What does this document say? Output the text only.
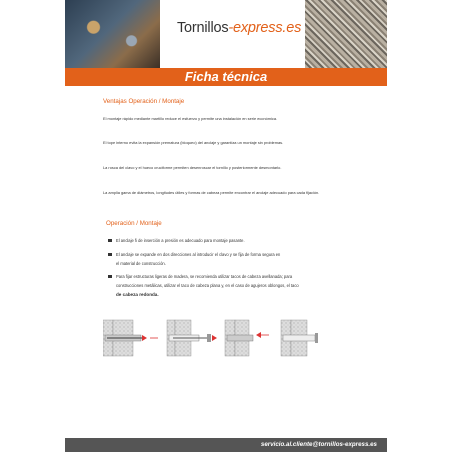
Tornillos-express.es
Ficha técnica
Ventajas Operación / Montaje
El montaje rápido mediante martillo reduce el esfuerzo y permite una instalación en serie económica.
El tope interno evita la expansión prematura (bloqueo) del anclaje y garantiza un montaje sin problemas.
La rosca del clavo y el hueco cruciforme permiten desenroscar el tornillo y posteriormente desmontarlo.
La amplia gama de diámetros, longitudes útiles y formas de cabeza permite encontrar el anclaje adecuado para cada fijación.
Operación / Montaje
El anclaje fi de inserción a presión es adecuado para montaje pasante.
El anclaje se expande en dos direcciones al introducir el clavo y se fija de forma segura en
el material de construcción.
Para fijar estructuras ligeras de madera, se recomienda utilizar tacos de cabeza avellanada; para
construcciones metálicas, utilizar el taco de cabeza plana y, en el caso de agujeros oblongos, el taco
de cabeza redonda.
servicio.al.cliente@tornillos-express.es
